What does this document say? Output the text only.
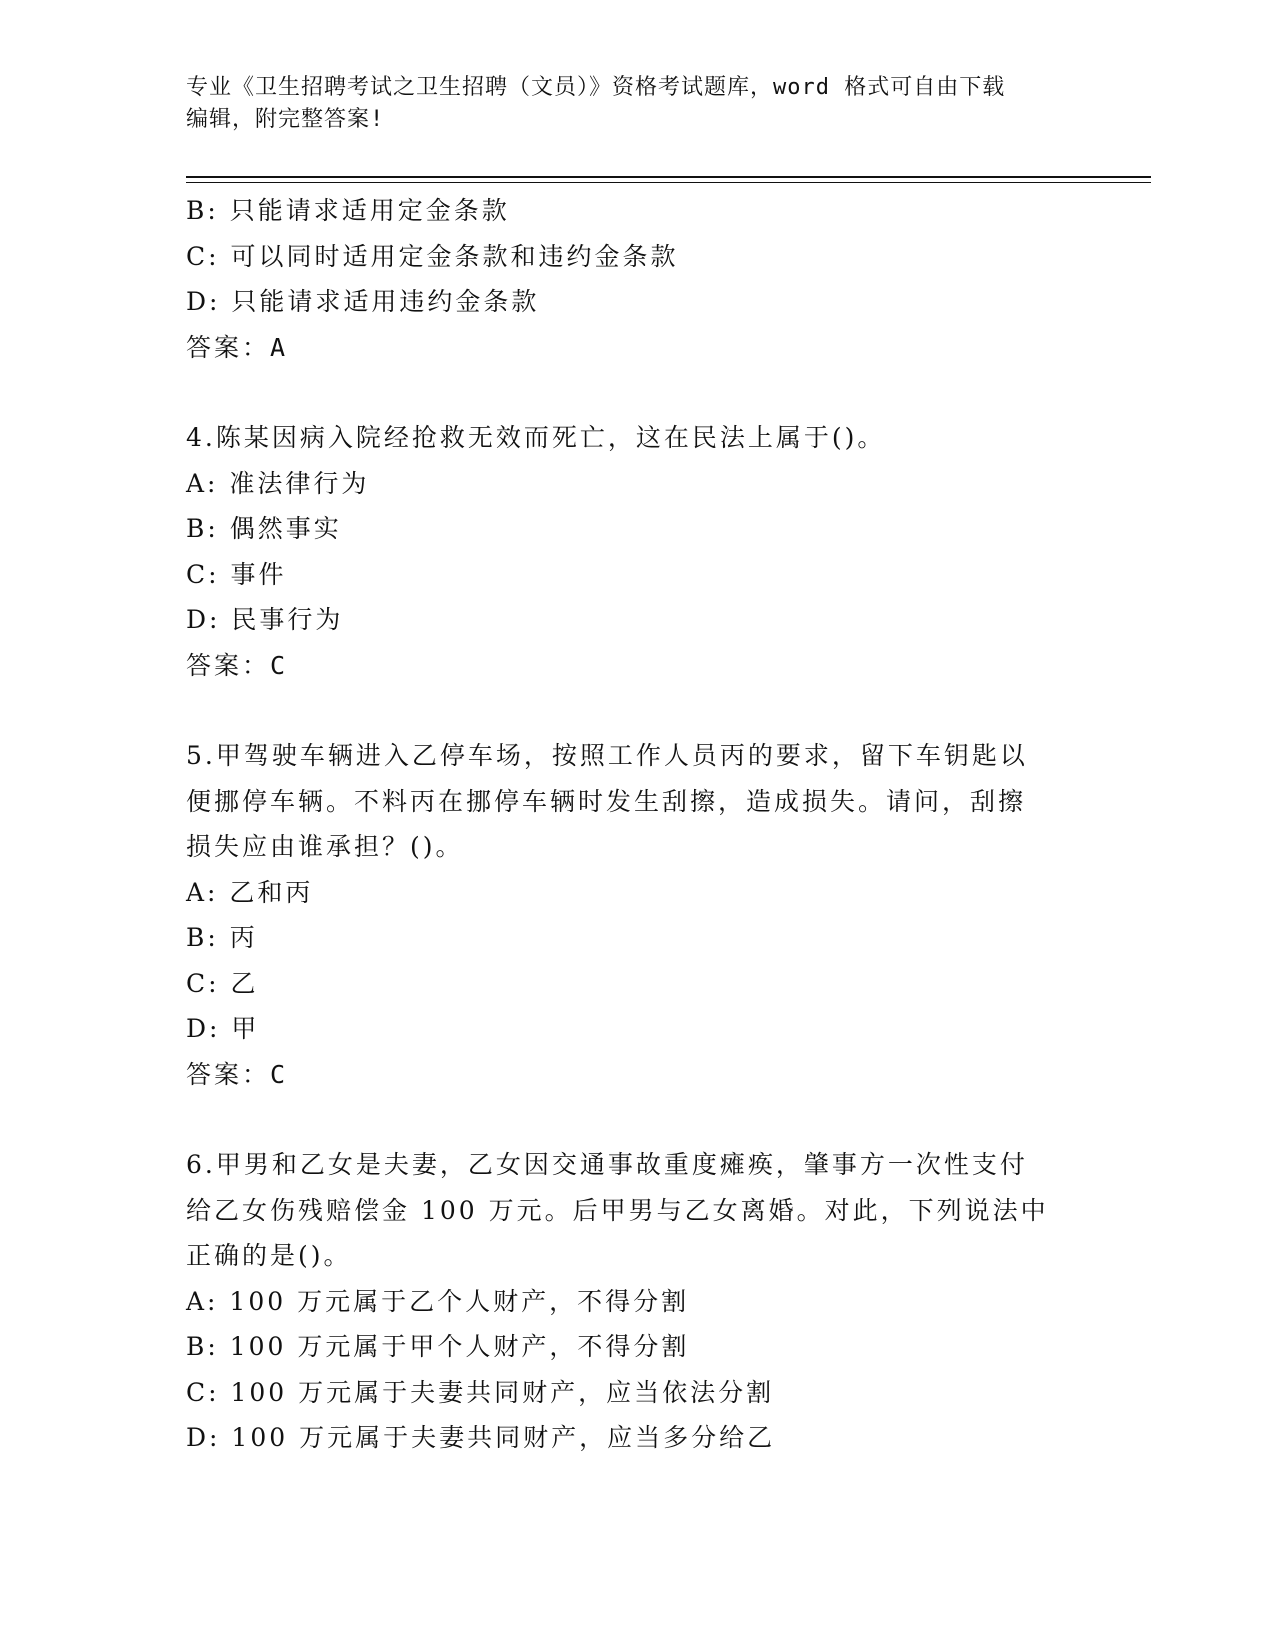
专业《卫生招聘考试之卫生招聘（文员）》资格考试题库，word 格式可自由下载
编辑，附完整答案!
B: 只能请求适用定金条款
C: 可以同时适用定金条款和违约金条款
D: 只能请求适用违约金条款
答案：A
4.陈某因病入院经抢救无效而死亡，这在民法上属于()。
A: 准法律行为
B: 偶然事实
C: 事件
D: 民事行为
答案：C
5.甲驾驶车辆进入乙停车场，按照工作人员丙的要求，留下车钥匙以
便挪停车辆。不料丙在挪停车辆时发生刮擦，造成损失。请问，刮擦
损失应由谁承担？()。
A: 乙和丙
B: 丙
C: 乙
D: 甲
答案：C
6.甲男和乙女是夫妻，乙女因交通事故重度瘫痪，肇事方一次性支付
给乙女伤残赔偿金 100 万元。后甲男与乙女离婚。对此，下列说法中
正确的是()。
A: 100 万元属于乙个人财产，不得分割
B: 100 万元属于甲个人财产，不得分割
C: 100 万元属于夫妻共同财产，应当依法分割
D: 100 万元属于夫妻共同财产，应当多分给乙
